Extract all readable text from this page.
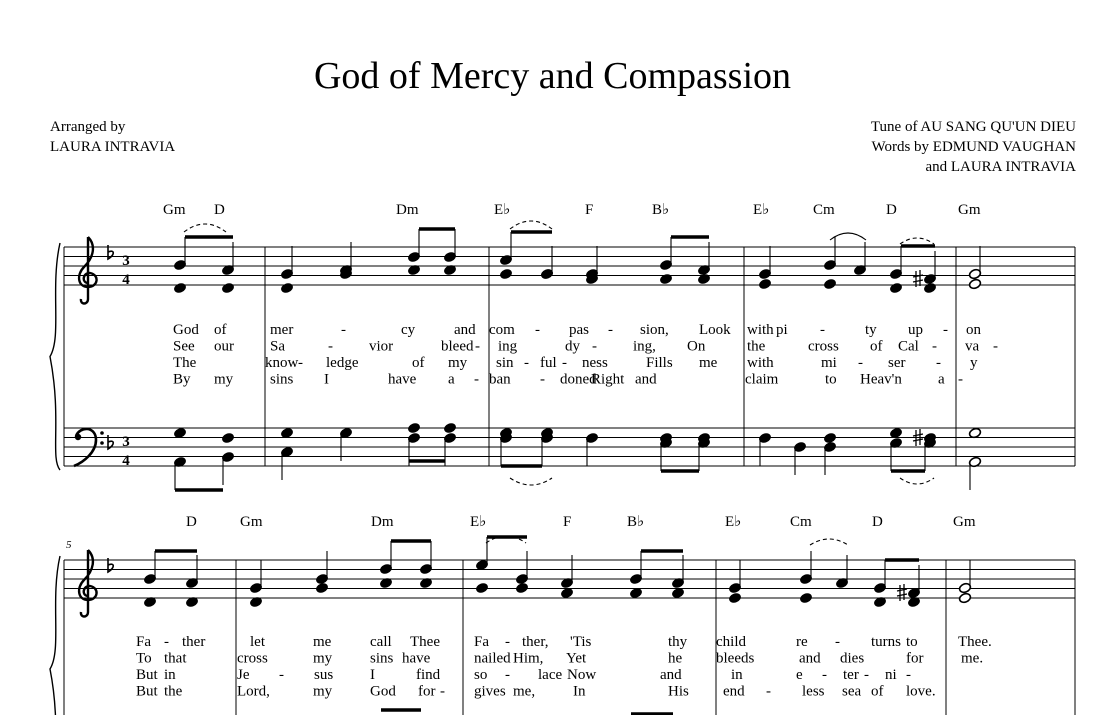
God of Mercy and Compassion
Arranged by
LAURA INTRAVIA
Tune of AU SANG QU'UN DIEU
Words by EDMUND VAUGHAN
and LAURA INTRAVIA
3
4
3
4
Gm D	Dm	E♭	F	B♭	E♭	Cm	D	Gm
God of	mer	-	cy	and com - pas - sion, Look with pi -	ty up - on
See our Sa	- vior	bleed - ing	dy - ing, On	the	cross of Cal - va -
The	know - ledge	of my sin - ful - ness	Fills me with	mi - ser - y
By my sins I	have a - ban - doned
Right and	claim	to Heav'n a -
5
D	Gm	Dm	E♭	F	B♭	E♭	Cm	D	Gm
Fa - ther	let	me	call Thee Fa - ther, 'Tis	thy child	re - turns to	Thee.
To that	cross	my	sins have	nailed Him, Yet	he bleeds	and dies	for	me.
But in	Je - sus I	find so - lace Now	and	in	e - ter - ni -
But the	Lord,	my	God for - gives me,	In	His end - less sea of love.
